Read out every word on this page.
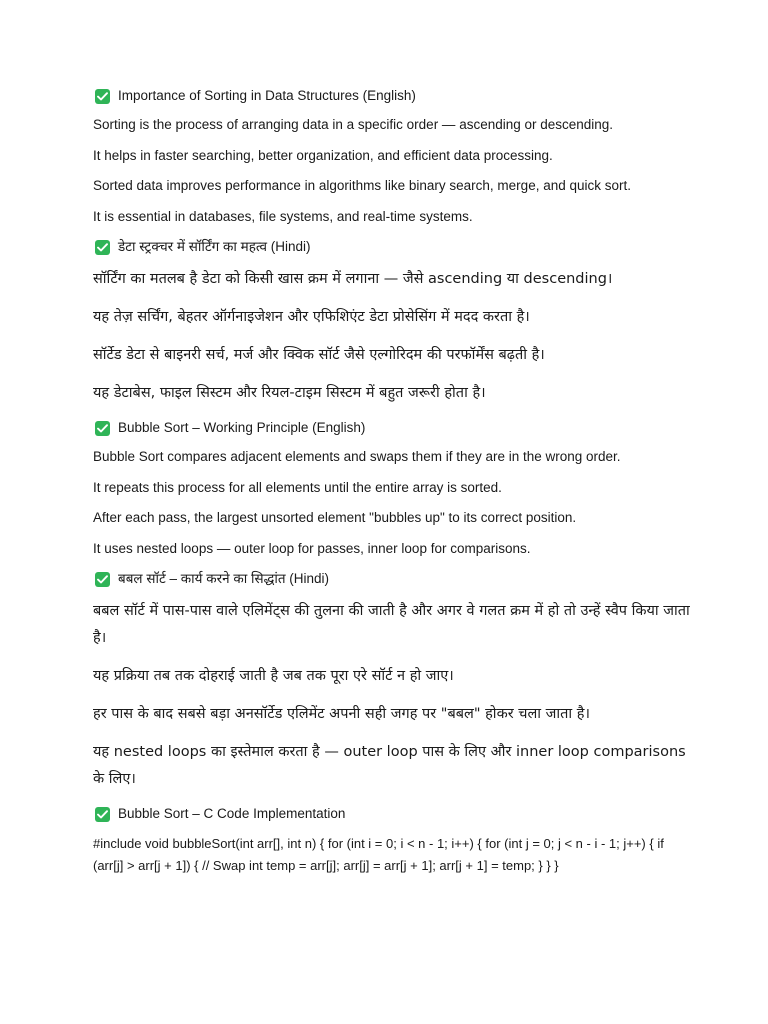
Importance of Sorting in Data Structures (English)

Sorting is the process of arranging data in a specific order — ascending or descending.

It helps in faster searching, better organization, and efficient data processing.

Sorted data improves performance in algorithms like binary search, merge, and quick sort.

It is essential in databases, file systems, and real-time systems.

डेटा स्ट्रक्चर में सॉर्टिंग का महत्व (Hindi)

सॉर्टिंग का मतलब है डेटा को किसी खास क्रम में लगाना — जैसे ascending या descending।

यह तेज़ सर्चिंग, बेहतर ऑर्गनाइजेशन और एफिशिएंट डेटा प्रोसेसिंग में मदद करता है।

सॉर्टेड डेटा से बाइनरी सर्च, मर्ज और क्विक सॉर्ट जैसे एल्गोरिदम की परफॉर्मेंस बढ़ती है।

यह डेटाबेस, फाइल सिस्टम और रियल-टाइम सिस्टम में बहुत जरूरी होता है।

Bubble Sort – Working Principle (English)

Bubble Sort compares adjacent elements and swaps them if they are in the wrong order.

It repeats this process for all elements until the entire array is sorted.

After each pass, the largest unsorted element "bubbles up" to its correct position.

It uses nested loops — outer loop for passes, inner loop for comparisons.

बबल सॉर्ट – कार्य करने का सिद्धांत (Hindi)

बबल सॉर्ट में पास-पास वाले एलिमेंट्स की तुलना की जाती है और अगर वे गलत क्रम में हो तो उन्हें स्वैप किया जाता है।

यह प्रक्रिया तब तक दोहराई जाती है जब तक पूरा एरे सॉर्ट न हो जाए।

हर पास के बाद सबसे बड़ा अनसॉर्टेड एलिमेंट अपनी सही जगह पर "बबल" होकर चला जाता है।

यह nested loops का इस्तेमाल करता है — outer loop पास के लिए और inner loop comparisons के लिए।

Bubble Sort – C Code Implementation

#include void bubbleSort(int arr[], int n) { for (int i = 0; i < n - 1; i++) { for (int j = 0; j < n - i - 1; j++) { if (arr[j] > arr[j + 1]) { // Swap int temp = arr[j]; arr[j] = arr[j + 1]; arr[j + 1] = temp; } } }
